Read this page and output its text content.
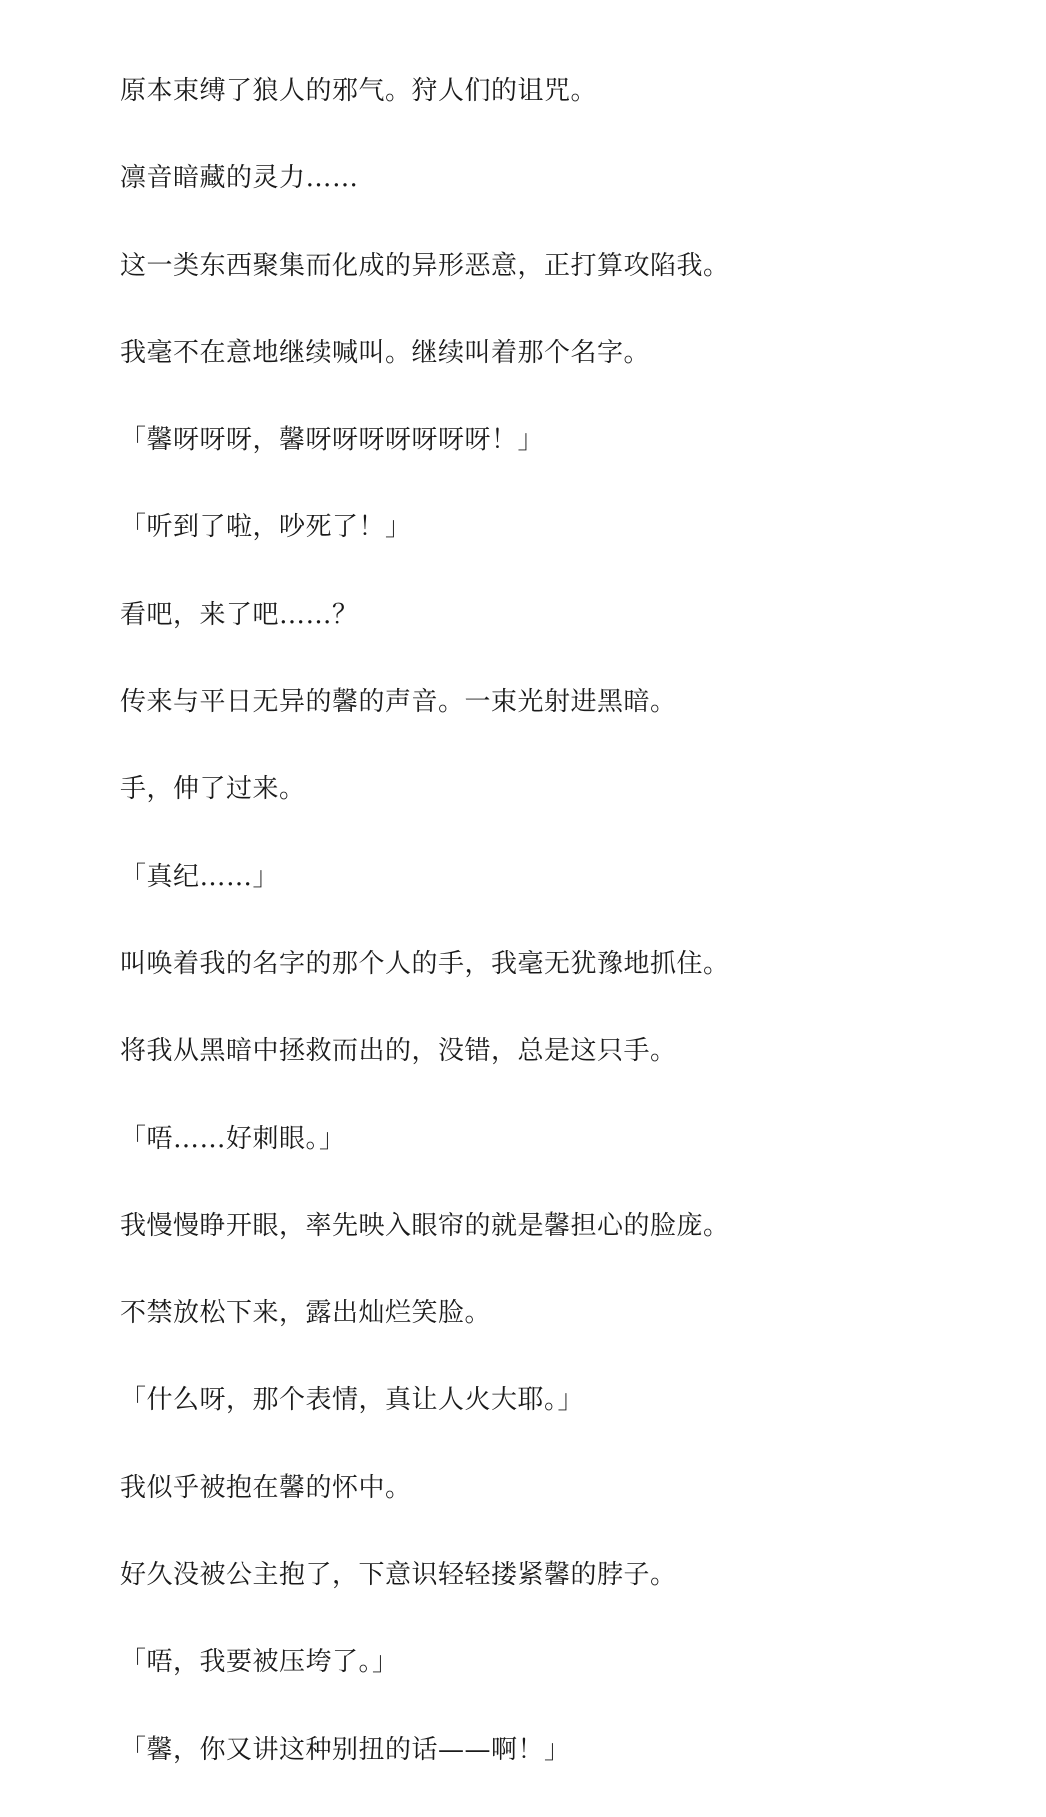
原本束缚了狼人的邪气。狩人们的诅咒。

凛音暗藏的灵力……

这一类东西聚集而化成的异形恶意，正打算攻陷我。

我毫不在意地继续喊叫。继续叫着那个名字。

「馨呀呀呀，馨呀呀呀呀呀呀呀！」

「听到了啦，吵死了！」

看吧，来了吧……？

传来与平日无异的馨的声音。一束光射进黑暗。

手，伸了过来。

「真纪……」

叫唤着我的名字的那个人的手，我毫无犹豫地抓住。

将我从黑暗中拯救而出的，没错，总是这只手。

「唔……好刺眼。」

我慢慢睁开眼，率先映入眼帘的就是馨担心的脸庞。

不禁放松下来，露出灿烂笑脸。

「什么呀，那个表情，真让人火大耶。」

我似乎被抱在馨的怀中。

好久没被公主抱了，下意识轻轻搂紧馨的脖子。

「唔，我要被压垮了。」

「馨，你又讲这种别扭的话——啊！」
